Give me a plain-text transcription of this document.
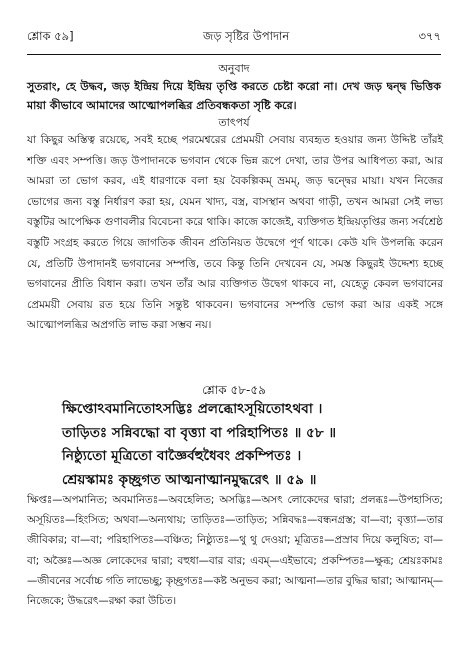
শ্লোক ৫৯]	জড় সৃষ্টির উপাদান	৩৭৭
অনুবাদ

সুতরাং, হে উদ্ধব, জড় ইন্দ্রিয় দিয়ে ইন্দ্রিয় তৃপ্তি করতে চেষ্টা করো না। দেখ জড় দ্বন্দ্ব ভিত্তিক মায়া কীভাবে আমাদের আত্মোপলব্ধির প্রতিবন্ধকতা সৃষ্টি করে।

তাৎপর্য

যা কিছুর অস্তিত্ব রয়েছে, সবই হচ্ছে পরমেশ্বরের প্রেমময়ী সেবায় ব্যবহৃত হওয়ার জন্য উদ্দিষ্ট তাঁরই শক্তি এবং সম্পত্তি। জড় উপাদানকে ভগবান থেকে ভিন্ন রূপে দেখা, তার উপর আধিপত্য করা, আর আমরা তা ভোগ করব, এই ধারণাকে বলা হয় বৈকল্পিকম্ ভ্রমম্, জড় দ্বন্দ্বের মায়া। যখন নিজের ভোগের জন্য বস্তু নির্ধারণ করা হয়, যেমন খাদ্য, বস্ত্র, বাসস্থান অথবা গাড়ী, তখন আমরা সেই লভ্য বস্তুটির আপেক্ষিক গুণাবলীর বিবেচনা করে থাকি। কাজে কাজেই, ব্যক্তিগত ইন্দ্রিয়তৃপ্তির জন্য সর্বশ্রেষ্ঠ বস্তুটি সংগ্রহ করতে গিয়ে জাগতিক জীবন প্রতিনিয়ত উদ্বেগে পূর্ণ থাকে। কেউ যদি উপলব্ধি করেন যে, প্রতিটি উপাদানই ভগবানের সম্পত্তি, তবে কিন্তু তিনি দেখবেন যে, সমস্ত কিছুরই উদ্দেশ্য হচ্ছে ভগবানের প্রীতি বিধান করা। তখন তাঁর আর ব্যক্তিগত উদ্বেগ থাকবে না, যেহেতু কেবল ভগবানের প্রেমময়ী সেবায় রত হয়ে তিনি সন্তুষ্ট থাকবেন। ভগবানের সম্পত্তি ভোগ করা আর একই সঙ্গে আত্মোপলব্ধির অপ্রগতি লাভ করা সম্ভব নয়।

শ্লোক ৫৮-৫৯

ক্ষিপ্তোঽবমানিতোঽসদ্ভিঃ প্রলব্ধোঽসূয়িতোঽথবা ।

তাড়িতঃ সন্নিবদ্ধো বা বৃত্ত্যা বা পরিহাপিতঃ ॥ ৫৮ ॥

নিষ্ঠ্যুতো মূত্রিতো বাজ্ঞৈর্বহুধৈবং প্রকম্পিতঃ ।

শ্রেয়স্কামঃ কৃচ্ছ্রগত আত্মনাত্মানমুদ্ধরেৎ ॥ ৫৯ ॥

ক্ষিপ্তঃ—অপমানিত; অবমানিতঃ—অবহেলিত; অসদ্ভিঃ—অসৎ লোকেদের দ্বারা; প্রলব্ধঃ—উপহাসিত; অসূয়িতঃ—হিংসিত; অথবা—অন্যথায়; তাড়িতঃ—তাড়িত; সন্নিবদ্ধঃ—বন্ধনগ্রস্ত; বা—বা; বৃত্ত্যা—তার জীবিকার; বা—বা; পরিহাপিতঃ—বঞ্চিত; নিষ্ঠ্যুতঃ—থু থু দেওয়া; মূত্রিতঃ—প্রস্রাব দিয়ে কলুষিত; বা—বা; অজ্ঞৈঃ—অজ্ঞ লোকেদের দ্বারা; বহুধা—বার বার; এবম্—এইভাবে; প্রকম্পিতঃ—ক্ষুব্ধ; শ্রেয়ঃকামঃ—জীবনের সর্বোচ্চ গতি লাভেচ্ছু; কৃচ্ছ্রগতঃ—কষ্ট অনুভব করা; আত্মনা—তার বুদ্ধির দ্বারা; আত্মানম্—নিজেকে; উদ্ধরেৎ—রক্ষা করা উচিত।
